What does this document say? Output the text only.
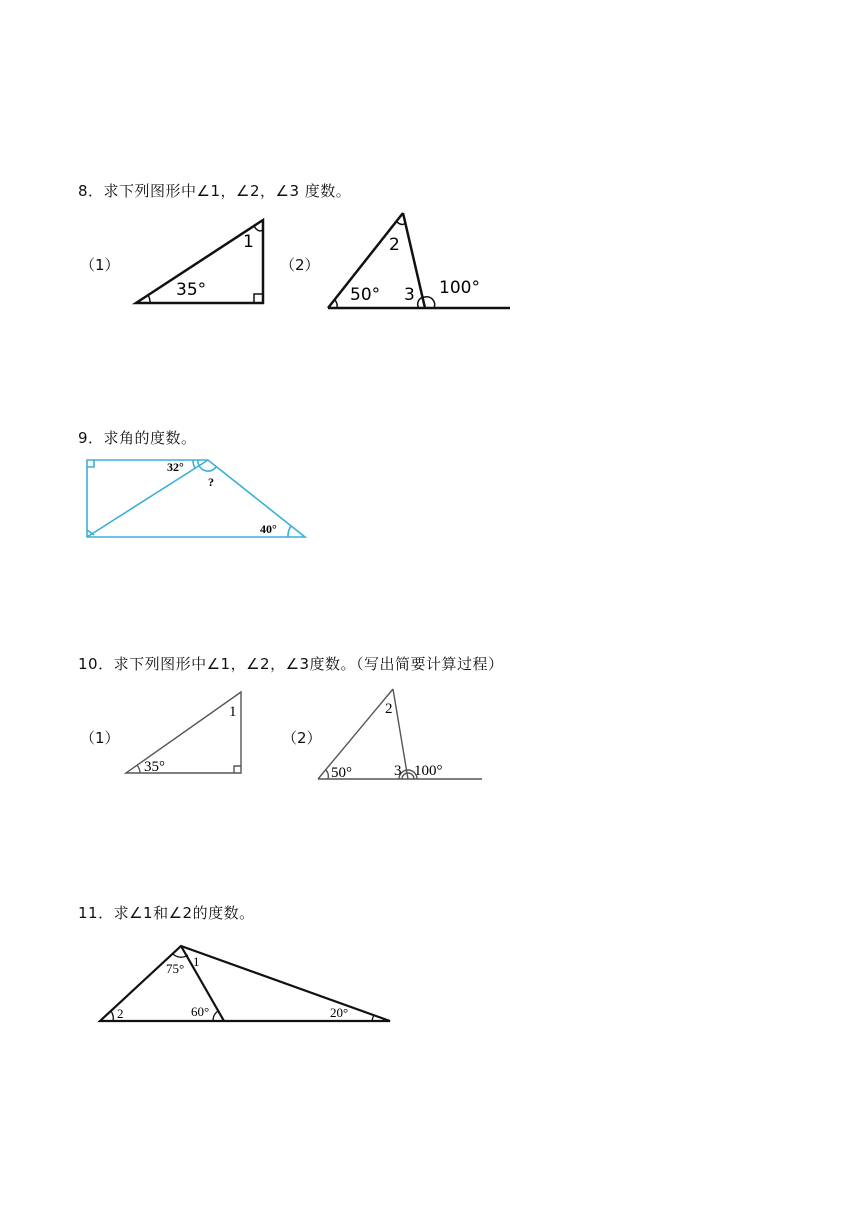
8．求下列图形中∠1，∠2，∠3 度数。
（1）	（2）
35°
1	2
50° 3 100°
32°
?
40°
35°
1	2
50°	3 100°
75° 1
2	60°	20°
9．求角的度数。
10．求下列图形中∠1，∠2，∠3度数。（写出简要计算过程）
（1）	（2）
11．求∠1和∠2的度数。
